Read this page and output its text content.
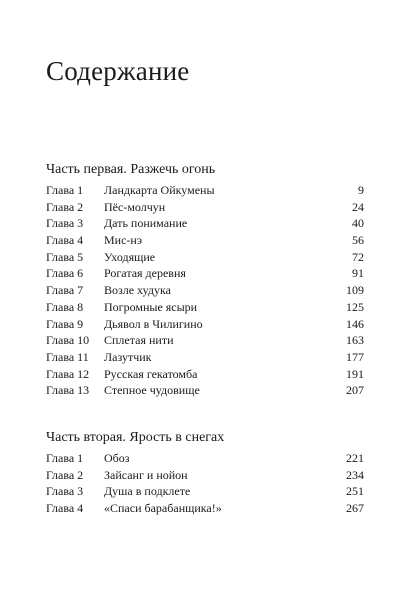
Содержание
Часть первая. Разжечь огонь
Глава 1 Ландкарта Ойкумены	9
Глава 2 Пёс-молчун	24
Глава 3 Дать понимание	40
Глава 4 Мис-нэ	56
Глава 5 Уходящие	72
Глава 6 Рогатая деревня	91
Глава 7 Возле худука	109
Глава 8 Погромные ясыри	125
Глава 9 Дьявол в Чилигино	146
Глава 10 Сплетая нити	163
Глава 11 Лазутчик	177
Глава 12 Русская гекатомба	191
Глава 13 Степное чудовище	207
Часть вторая. Ярость в снегах
Глава 1 Обоз	221
Глава 2 Зайсанг и нойон	234
Глава 3 Душа в подклете	251
Глава 4 «Спаси барабанщика!»	267
